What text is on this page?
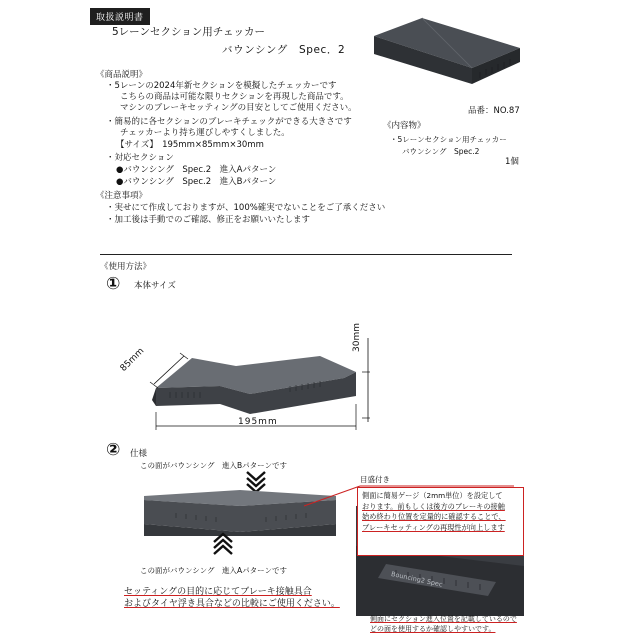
取扱説明書
5レーンセクション用チェッカー
バウンシング　Spec．2
《商品説明》
・5レーンの2024年新セクションを模擬したチェッカーです
こちらの商品は可能な限りセクションを再現した商品です。
マシンのブレーキセッティングの目安としてご使用ください。
・簡易的に各セクションのブレーキチェックができる大きさです
チェッカーより持ち運びしやすくしました。
【サイズ】　195mm×85mm×30mm
・対応セクション
●バウンシング　Spec.2　進入Aパターン
●バウンシング　Spec.2　進入Bパターン
品番：NO.87
《内容物》
・5レーンセクション用チェッカー
バウンシング　Spec.2
1個
《注意事項》
・実せにて作成しておりますが、100%確実でないことをご了承ください
・加工後は手動でのご確認、修正をお願いいたします
《使用方法》
① 本体サイズ
85mm
30mm
195mm
② 仕様
この面がバウンシング　進入Bパターンです
この面がバウンシング　進入Aパターンです
目盛付き
Bouncing2 Spec
側面に簡易ゲージ（2mm単位）を設定して
おります。前もしくは後方のブレーキの接触
始め終わり位置を定量的に確認することで、
ブレーキセッティングの再現性が向上します
セッティングの目的に応じてブレーキ接触具合
およびタイヤ浮き具合などの比較にご使用ください。
側面にセクション進入位置を記載しているので
どの面を使用するか確認しやすいです。
